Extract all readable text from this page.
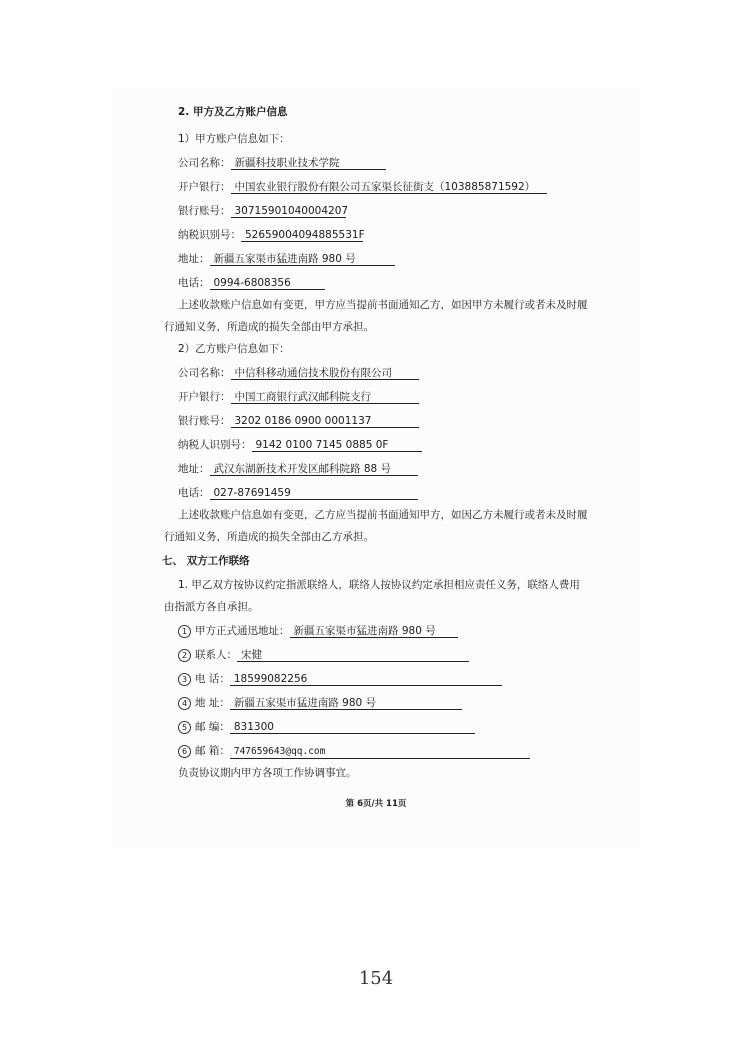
2. 甲方及乙方账户信息
1）甲方账户信息如下：
公司名称： 新疆科技职业技术学院
开户银行： 中国农业银行股份有限公司五家渠长征街支（103885871592）
银行账号： 30715901040004207
纳税识别号： 52659004094885531F
地址： 新疆五家渠市猛进南路 980 号
电话： 0994-6808356
上述收款账户信息如有变更，甲方应当提前书面通知乙方，如因甲方未履行或者未及时履
行通知义务，所造成的损失全部由甲方承担。
2）乙方账户信息如下：
公司名称： 中信科移动通信技术股份有限公司
开户银行： 中国工商银行武汉邮科院支行
银行账号： 3202 0186 0900 0001137
纳税人识别号： 9142 0100 7145 0885 0F
地址： 武汉东湖新技术开发区邮科院路 88 号
电话： 027-87691459
上述收款账户信息如有变更，乙方应当提前书面通知甲方，如因乙方未履行或者未及时履
行通知义务，所造成的损失全部由乙方承担。
七、 双方工作联络
1. 甲乙双方按协议约定指派联络人，联络人按协议约定承担相应责任义务，联络人费用
由指派方各自承担。
1 甲方正式通迅地址： 新疆五家渠市猛进南路 980 号
2 联系人： 宋健
3 电 话： 18599082256
4 地 址： 新疆五家渠市猛进南路 980 号
5 邮 编： 831300
6 邮 箱： 747659643@qq.com
负责协议期内甲方各项工作协调事宜。
第 6页/共 11页
154
